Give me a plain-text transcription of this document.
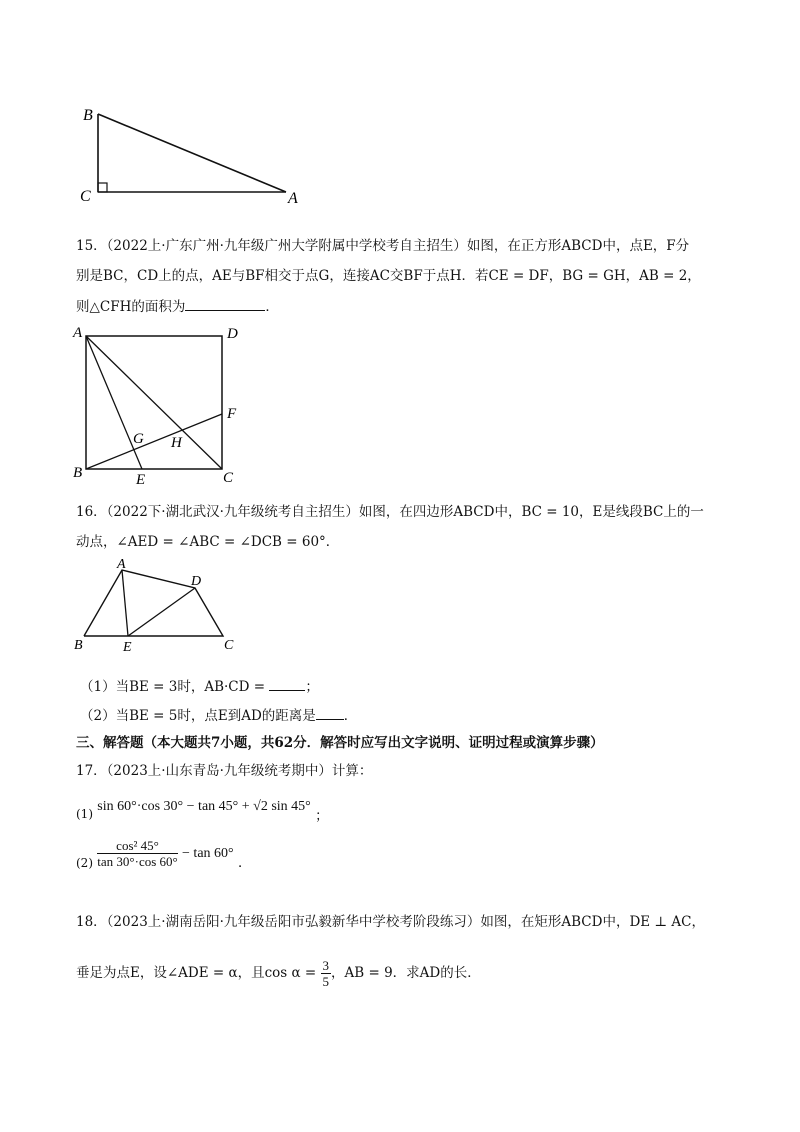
B
C	A
15．（2022上·广东广州·九年级广州大学附属中学校考自主招生）如图，在正方形ABCD中，点E，F分
别是BC，CD上的点，AE与BF相交于点G，连接AC交BF于点H．若CE = DF，BG = GH，AB = 2，
则△CFH的面积为	．
A	D
F
G H
B	E	C
16．（2022下·湖北武汉·九年级统考自主招生）如图，在四边形ABCD中，BC = 10，E是线段BC上的一
动点，∠AED = ∠ABC = ∠DCB = 60°．
A
D
B	E	C
（1）当BE = 3时，AB·CD =	；
（2）当BE = 5时，点E到AD的距离是 ．
三、解答题（本大题共7小题，共62分．解答时应写出文字说明、证明过程或演算步骤）
17．（2023上·山东青岛·九年级统考期中）计算：
(1) sin 60°·cos 30° − tan 45° + √2 sin 45° ；
$(2) \frac{\text{cos² 45°}}{\tan 30^\circ\cdot\cos 60^\circ} - \tan 60^\circ$ ．
18．（2023上·湖南岳阳·九年级岳阳市弘毅新华中学校考阶段练习）如图，在矩形ABCD中，DE ⊥ AC，
垂足为点E，设∠ADE = α，且$\cos \alpha = \frac{3}{5}$ ，AB = 9．求AD的长．
